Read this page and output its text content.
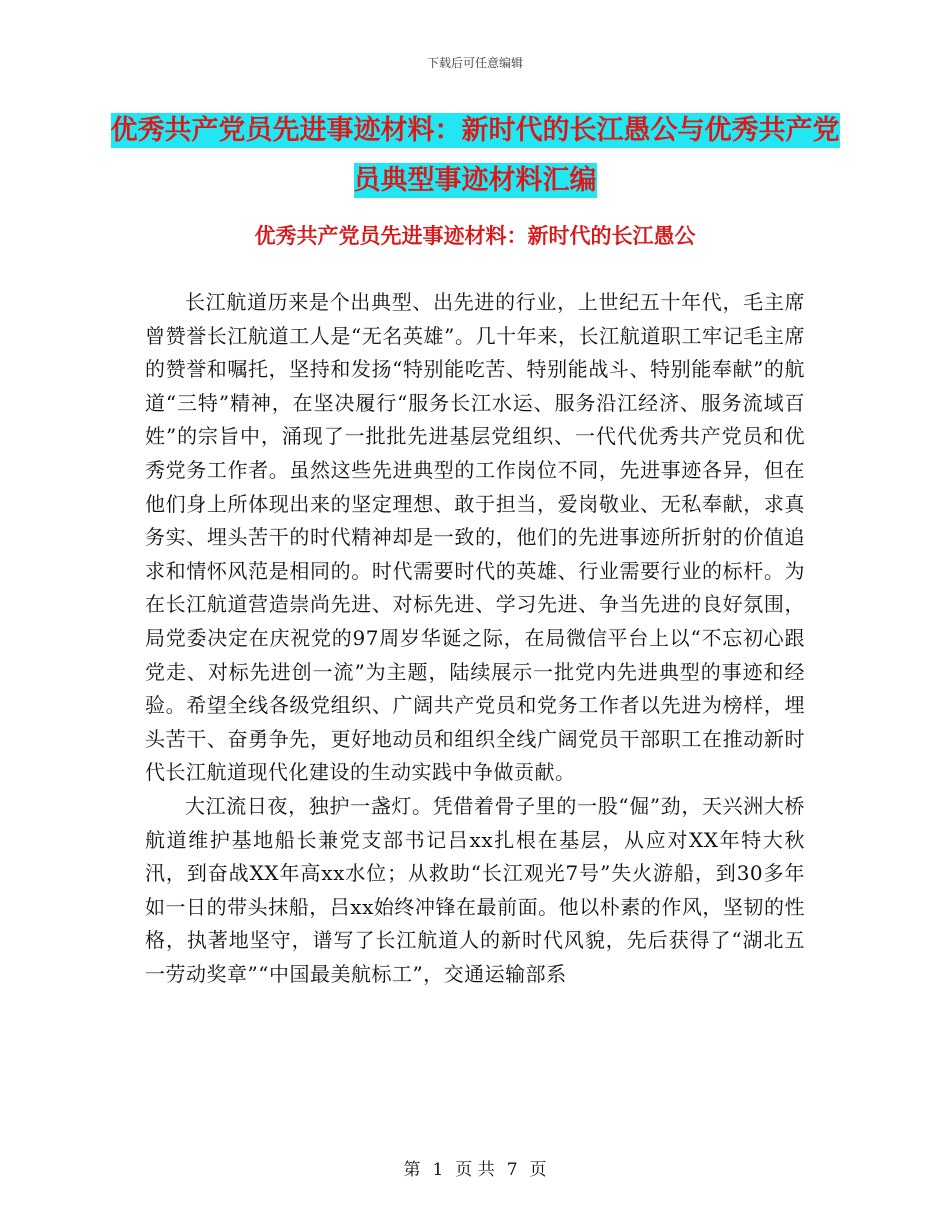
下载后可任意编辑
优秀共产党员先进事迹材料：新时代的长江愚公与优秀共产党员典型事迹材料汇编
优秀共产党员先进事迹材料：新时代的长江愚公

长江航道历来是个出典型、出先进的行业，上世纪五十年代，毛主席曾赞誉长江航道工人是“无名英雄”。几十年来，长江航道职工牢记毛主席的赞誉和嘱托，坚持和发扬“特别能吃苦、特别能战斗、特别能奉献”的航道“三特”精神，在坚决履行“服务长江水运、服务沿江经济、服务流域百姓”的宗旨中，涌现了一批批先进基层党组织、一代代优秀共产党员和优秀党务工作者。虽然这些先进典型的工作岗位不同，先进事迹各异，但在他们身上所体现出来的坚定理想、敢于担当，爱岗敬业、无私奉献，求真务实、埋头苦干的时代精神却是一致的，他们的先进事迹所折射的价值追求和情怀风范是相同的。时代需要时代的英雄、行业需要行业的标杆。为在长江航道营造崇尚先进、对标先进、学习先进、争当先进的良好氛围，局党委决定在庆祝党的97周岁华诞之际，在局微信平台上以“不忘初心跟党走、对标先进创一流”为主题，陆续展示一批党内先进典型的事迹和经验。希望全线各级党组织、广阔共产党员和党务工作者以先进为榜样，埋头苦干、奋勇争先，更好地动员和组织全线广阔党员干部职工在推动新时代长江航道现代化建设的生动实践中争做贡献。

大江流日夜，独护一盏灯。凭借着骨子里的一股“倔”劲，天兴洲大桥航道维护基地船长兼党支部书记吕xx扎根在基层，从应对XX年特大秋汛，到奋战XX年高xx水位；从救助“长江观光7号”失火游船，到30多年如一日的带头抹船，吕xx始终冲锋在最前面。他以朴素的作风，坚韧的性格，执著地坚守，谱写了长江航道人的新时代风貌，先后获得了“湖北五一劳动奖章”“中国最美航标工”，交通运输部系

第 1 页 共 7 页
